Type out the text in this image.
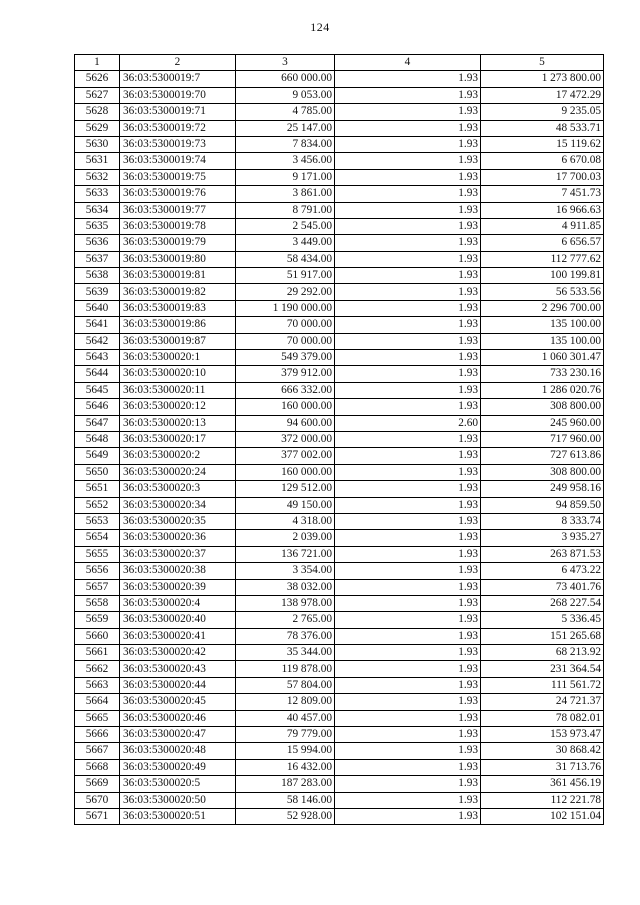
124
1	2	3	4	5
5626	36:03:5300019:7	660 000.00	1.93	1 273 800.00
5627	36:03:5300019:70	9 053.00	1.93	17 472.29
5628	36:03:5300019:71	4 785.00	1.93	9 235.05
5629	36:03:5300019:72	25 147.00	1.93	48 533.71
5630	36:03:5300019:73	7 834.00	1.93	15 119.62
5631	36:03:5300019:74	3 456.00	1.93	6 670.08
5632	36:03:5300019:75	9 171.00	1.93	17 700.03
5633	36:03:5300019:76	3 861.00	1.93	7 451.73
5634	36:03:5300019:77	8 791.00	1.93	16 966.63
5635	36:03:5300019:78	2 545.00	1.93	4 911.85
5636	36:03:5300019:79	3 449.00	1.93	6 656.57
5637	36:03:5300019:80	58 434.00	1.93	112 777.62
5638	36:03:5300019:81	51 917.00	1.93	100 199.81
5639	36:03:5300019:82	29 292.00	1.93	56 533.56
5640	36:03:5300019:83	1 190 000.00	1.93	2 296 700.00
5641	36:03:5300019:86	70 000.00	1.93	135 100.00
5642	36:03:5300019:87	70 000.00	1.93	135 100.00
5643	36:03:5300020:1	549 379.00	1.93	1 060 301.47
5644	36:03:5300020:10	379 912.00	1.93	733 230.16
5645	36:03:5300020:11	666 332.00	1.93	1 286 020.76
5646	36:03:5300020:12	160 000.00	1.93	308 800.00
5647	36:03:5300020:13	94 600.00	2.60	245 960.00
5648	36:03:5300020:17	372 000.00	1.93	717 960.00
5649	36:03:5300020:2	377 002.00	1.93	727 613.86
5650	36:03:5300020:24	160 000.00	1.93	308 800.00
5651	36:03:5300020:3	129 512.00	1.93	249 958.16
5652	36:03:5300020:34	49 150.00	1.93	94 859.50
5653	36:03:5300020:35	4 318.00	1.93	8 333.74
5654	36:03:5300020:36	2 039.00	1.93	3 935.27
5655	36:03:5300020:37	136 721.00	1.93	263 871.53
5656	36:03:5300020:38	3 354.00	1.93	6 473.22
5657	36:03:5300020:39	38 032.00	1.93	73 401.76
5658	36:03:5300020:4	138 978.00	1.93	268 227.54
5659	36:03:5300020:40	2 765.00	1.93	5 336.45
5660	36:03:5300020:41	78 376.00	1.93	151 265.68
5661	36:03:5300020:42	35 344.00	1.93	68 213.92
5662	36:03:5300020:43	119 878.00	1.93	231 364.54
5663	36:03:5300020:44	57 804.00	1.93	111 561.72
5664	36:03:5300020:45	12 809.00	1.93	24 721.37
5665	36:03:5300020:46	40 457.00	1.93	78 082.01
5666	36:03:5300020:47	79 779.00	1.93	153 973.47
5667	36:03:5300020:48	15 994.00	1.93	30 868.42
5668	36:03:5300020:49	16 432.00	1.93	31 713.76
5669	36:03:5300020:5	187 283.00	1.93	361 456.19
5670	36:03:5300020:50	58 146.00	1.93	112 221.78
5671	36:03:5300020:51	52 928.00	1.93	102 151.04
